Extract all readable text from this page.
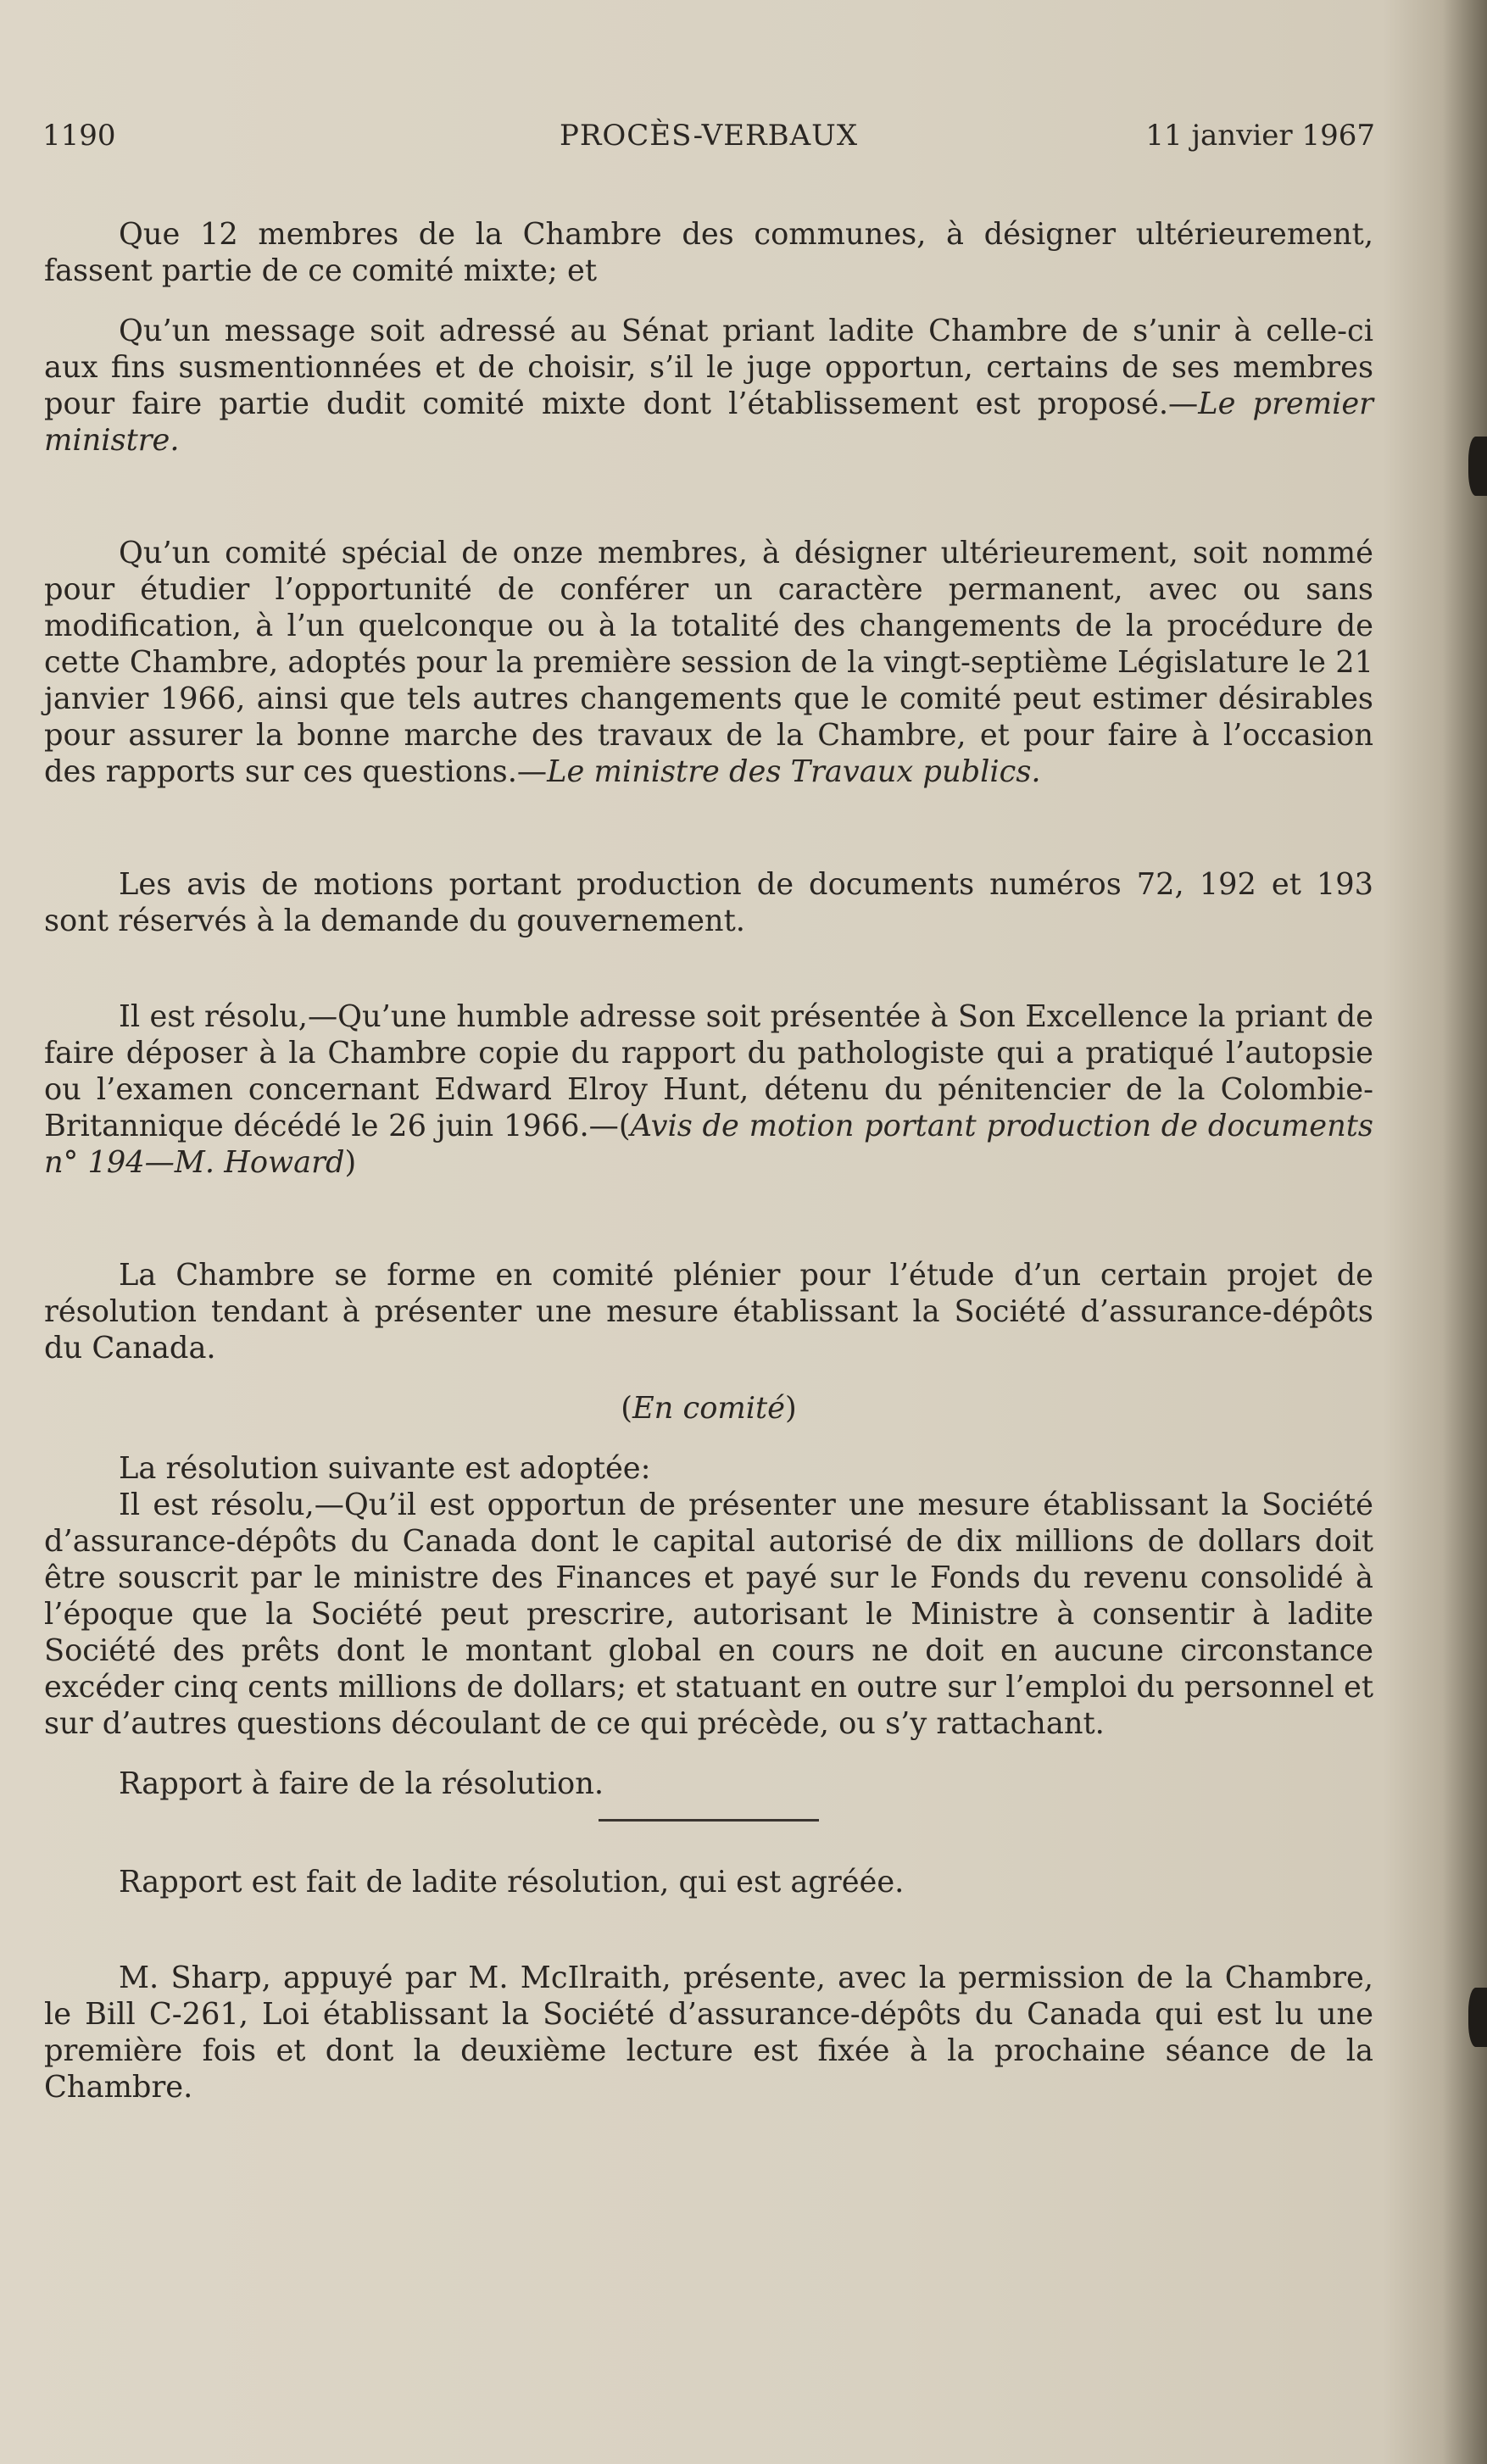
1190	PROCÈS-VERBAUX	11 janvier 1967

Que 12 membres de la Chambre des communes, à désigner ultérieurement, fassent partie de ce comité mixte; et

Qu’un message soit adressé au Sénat priant ladite Chambre de s’unir à celle-ci aux fins susmentionnées et de choisir, s’il le juge opportun, certains de ses membres pour faire partie dudit comité mixte dont l’établissement est proposé.—Le premier ministre.

Qu’un comité spécial de onze membres, à désigner ultérieurement, soit nommé pour étudier l’opportunité de conférer un caractère permanent, avec ou sans modification, à l’un quelconque ou à la totalité des changements de la procédure de cette Chambre, adoptés pour la première session de la vingt-septième Législature le 21 janvier 1966, ainsi que tels autres changements que le comité peut estimer désirables pour assurer la bonne marche des travaux de la Chambre, et pour faire à l’occasion des rapports sur ces questions.—Le ministre des Travaux publics.

Les avis de motions portant production de documents numéros 72, 192 et 193 sont réservés à la demande du gouvernement.

Il est résolu,—Qu’une humble adresse soit présentée à Son Excellence la priant de faire déposer à la Chambre copie du rapport du pathologiste qui a pratiqué l’autopsie ou l’examen concernant Edward Elroy Hunt, détenu du pénitencier de la Colombie-Britannique décédé le 26 juin 1966.—(Avis de motion portant production de documents n° 194—M. Howard)

La Chambre se forme en comité plénier pour l’étude d’un certain projet de résolution tendant à présenter une mesure établissant la Société d’assurance-dépôts du Canada.

(En comité)

La résolution suivante est adoptée:

Il est résolu,—Qu’il est opportun de présenter une mesure établissant la Société d’assurance-dépôts du Canada dont le capital autorisé de dix millions de dollars doit être souscrit par le ministre des Finances et payé sur le Fonds du revenu consolidé à l’époque que la Société peut prescrire, autorisant le Ministre à consentir à ladite Société des prêts dont le montant global en cours ne doit en aucune circonstance excéder cinq cents millions de dollars; et statuant en outre sur l’emploi du personnel et sur d’autres questions découlant de ce qui précède, ou s’y rattachant.

Rapport à faire de la résolution.

Rapport est fait de ladite résolution, qui est agréée.

M. Sharp, appuyé par M. McIlraith, présente, avec la permission de la Chambre, le Bill C-261, Loi établissant la Société d’assurance-dépôts du Canada qui est lu une première fois et dont la deuxième lecture est fixée à la prochaine séance de la Chambre.
